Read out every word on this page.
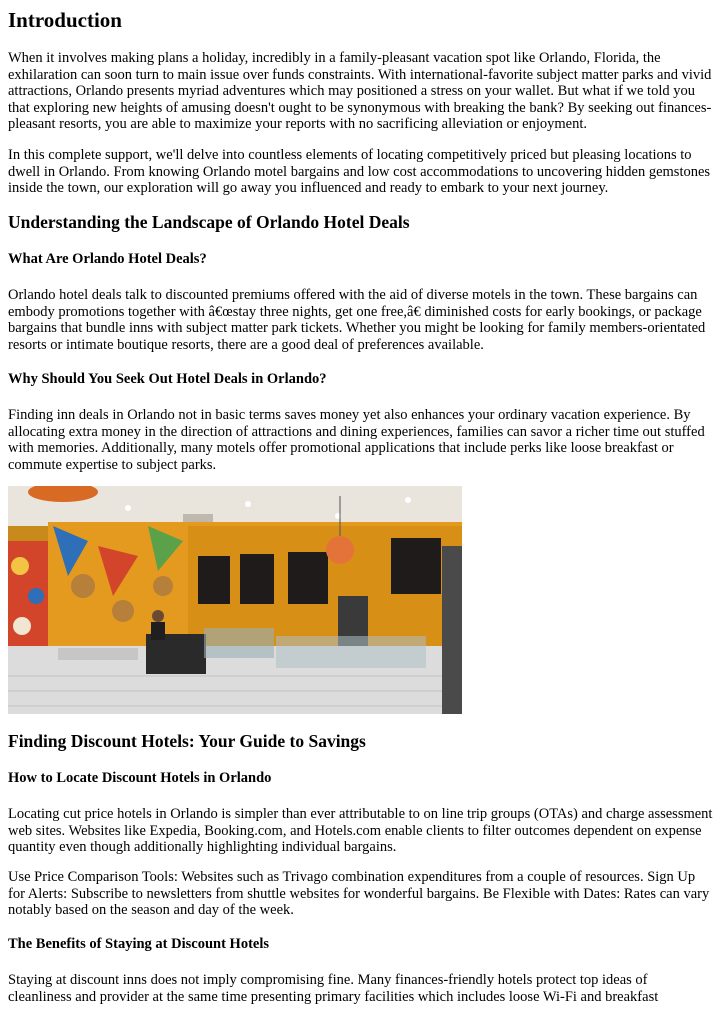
Introduction

When it involves making plans a holiday, incredibly in a family-pleasant vacation spot like Orlando, Florida, the exhilaration can soon turn to main issue over funds constraints. With international-favorite subject matter parks and vivid attractions, Orlando presents myriad adventures which may positioned a stress on your wallet. But what if we told you that exploring new heights of amusing doesn't ought to be synonymous with breaking the bank? By seeking out finances-pleasant resorts, you are able to maximize your reports with no sacrificing alleviation or enjoyment.

In this complete support, we'll delve into countless elements of locating competitively priced but pleasing locations to dwell in Orlando. From knowing Orlando motel bargains and low cost accommodations to uncovering hidden gemstones inside the town, our exploration will go away you influenced and ready to embark to your next journey.

Understanding the Landscape of Orlando Hotel Deals
What Are Orlando Hotel Deals?

Orlando hotel deals talk to discounted premiums offered with the aid of diverse motels in the town. These bargains can embody promotions together with â€œstay three nights, get one free,â€ diminished costs for early bookings, or package bargains that bundle inns with subject matter park tickets. Whether you might be looking for family members-orientated resorts or intimate boutique resorts, there are a good deal of preferences available.

Why Should You Seek Out Hotel Deals in Orlando?

Finding inn deals in Orlando not in basic terms saves money yet also enhances your ordinary vacation experience. By allocating extra money in the direction of attractions and dining experiences, families can savor a richer time out stuffed with memories. Additionally, many motels offer promotional applications that include perks like loose breakfast or commute expertise to subject parks.

Finding Discount Hotels: Your Guide to Savings
How to Locate Discount Hotels in Orlando

Locating cut price hotels in Orlando is simpler than ever attributable to on line trip groups (OTAs) and charge assessment web sites. Websites like Expedia, Booking.com, and Hotels.com enable clients to filter outcomes dependent on expense quantity even though additionally highlighting individual bargains.

Use Price Comparison Tools: Websites such as Trivago combination expenditures from a couple of resources. Sign Up for Alerts: Subscribe to newsletters from shuttle websites for wonderful bargains. Be Flexible with Dates: Rates can vary notably based on the season and day of the week.

The Benefits of Staying at Discount Hotels

Staying at discount inns does not imply compromising fine. Many finances-friendly hotels protect top ideas of cleanliness and provider at the same time presenting primary facilities which includes loose Wi-Fi and breakfast
